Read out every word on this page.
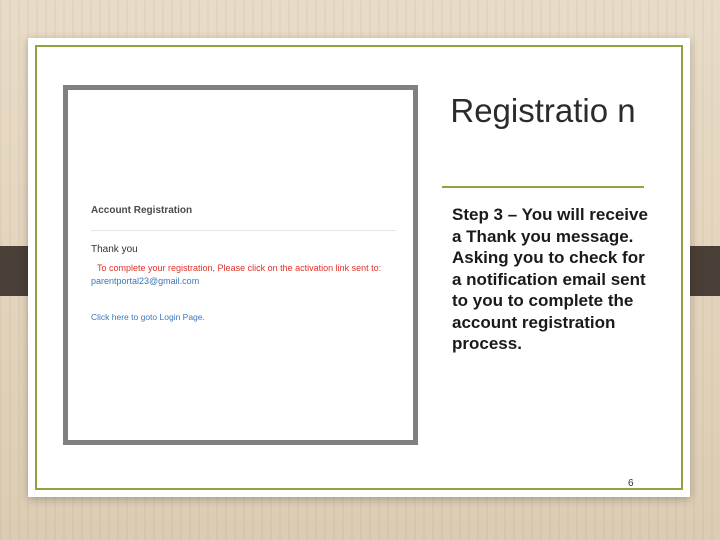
Account Registration
Thank you
To complete your registration, Please click on the activation link sent to:
parentportal23@gmail.com
Click here to goto Login Page.
Registratio n
Step 3 – You will receive a Thank you message. Asking you to check for a notification email sent to you to complete the account registration process.
6
